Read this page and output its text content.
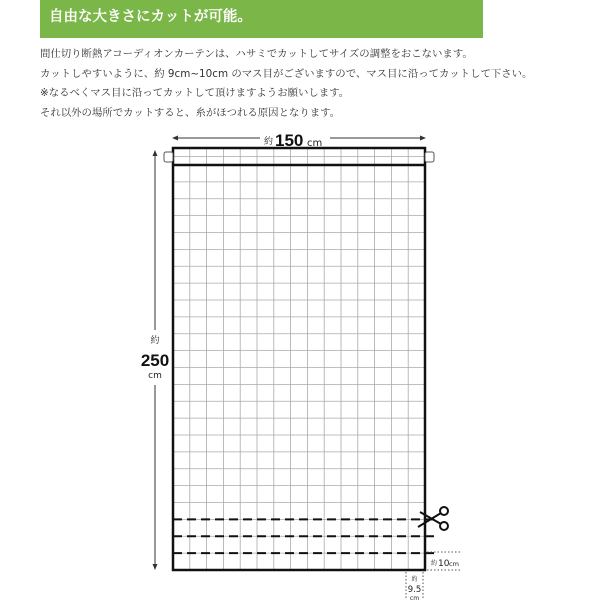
自由な大きさにカットが可能。

間仕切り断熱アコーディオンカーテンは、ハサミでカットしてサイズの調整をおこないます。

カットしやすいように、約 9cm~10cm のマス目がございますので、マス目に沿ってカットして下さい。

※なるべくマス目に沿ってカットして頂けますようお願いします。

それ以外の場所でカットすると、糸がほつれる原因となります。

約 150 cm
約
250
cm
約 10 cm
約
9.5
cm
